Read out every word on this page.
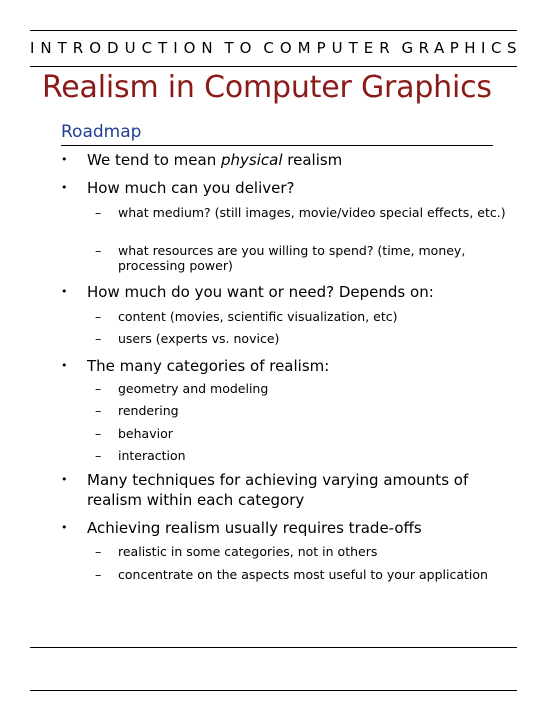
INTRODUCTION TO COMPUTER GRAPHICS
Realism in Computer Graphics
Roadmap
• We tend to mean physical realism
• How much can you deliver?
– what medium? (still images, movie/video special effects, etc.)
– what resources are you willing to spend? (time, money, processing power)
• How much do you want or need? Depends on:
– content (movies, scientific visualization, etc)
– users (experts vs. novice)
• The many categories of realism:
– geometry and modeling
– rendering
– behavior
– interaction
• Many techniques for achieving varying amounts of realism within each category
• Achieving realism usually requires trade-offs
– realistic in some categories, not in others
– concentrate on the aspects most useful to your application
